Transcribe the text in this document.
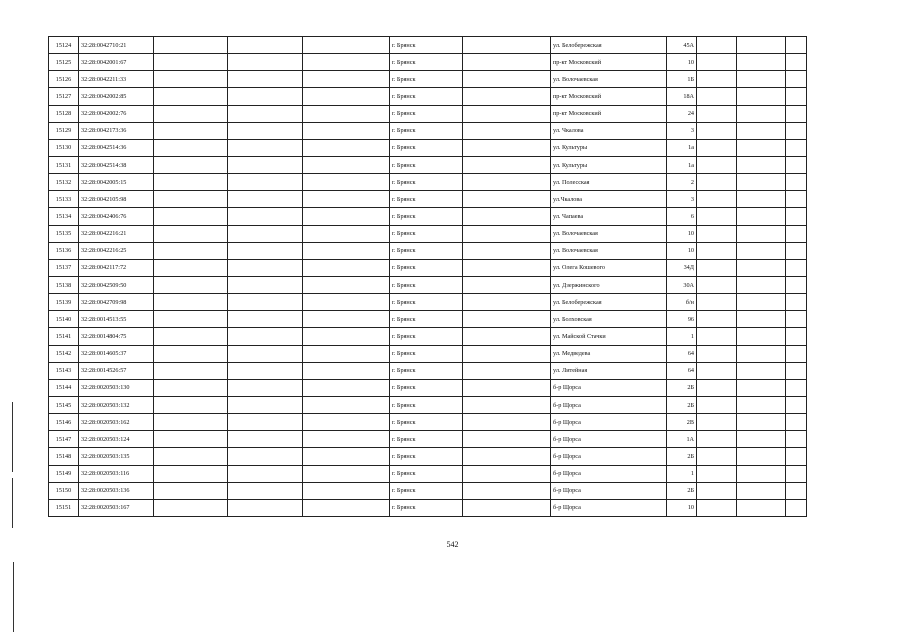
15124	32:28:0042710:21				г. Брянск		ул. Белобережская	45А			
15125	32:28:0042001:67				г. Брянск		пр-кт Московский	10			
15126	32:28:0042211:33				г. Брянск		ул. Волочаевская	1Б			
15127	32:28:0042002:85				г. Брянск		пр-кт Московский	18А			
15128	32:28:0042002:76				г. Брянск		пр-кт Московский	24			
15129	32:28:0042173:36				г. Брянск		ул. Чкалова	3			
15130	32:28:0042514:36				г. Брянск		ул. Культуры	1а			
15131	32:28:0042514:38				г. Брянск		ул. Культуры	1а			
15132	32:28:0042005:15				г. Брянск		ул. Полесская	2			
15133	32:28:0042105:98				г. Брянск		ул.Чкалова	3			
15134	32:28:0042406:76				г. Брянск		ул. Чапаева	6			
15135	32:28:0042216:21				г. Брянск		ул. Волочаевская	10			
15136	32:28:0042216:25				г. Брянск		ул. Волочаевская	10			
15137	32:28:0042117:72				г. Брянск		ул. Олега Кошевого	34Д			
15138	32:28:0042509:50				г. Брянск		ул. Дзержинского	30А			
15139	32:28:0042709:98				г. Брянск		ул. Белобережская	б/н			
15140	32:28:0014513:55				г. Брянск		ул. Болховская	96			
15141	32:28:0014804:75				г. Брянск		ул. Майской Стачки	1			
15142	32:28:0014605:37				г. Брянск		ул. Медведева	64			
15143	32:28:0014526:57				г. Брянск		ул. Литейная	64			
15144	32:28:0020503:130				г. Брянск		б-р Щорса	2Б			
15145	32:28:0020503:132				г. Брянск		б-р Щорса	2Б			
15146	32:28:0020503:162				г. Брянск		б-р Щорса	2В			
15147	32:28:0020503:124				г. Брянск		б-р Щорса	1А			
15148	32:28:0020503:135				г. Брянск		б-р Щорса	2Б			
15149	32:28:0020503:116				г. Брянск		б-р Щорса	1			
15150	32:28:0020503:136				г. Брянск		б-р Щорса	2Б			
15151	32:28:0020503:167				г. Брянск		б-р Щорса	10			
542
